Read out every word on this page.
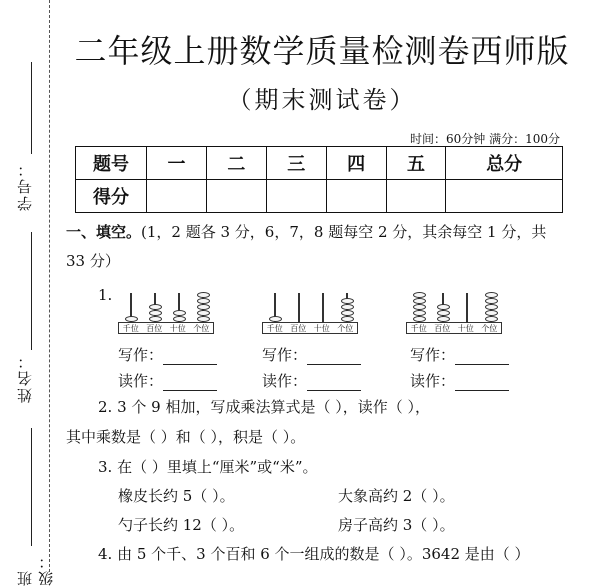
学号：
姓名：
班级：
二年级上册数学质量检测卷西师版
（期末测试卷）
时间：60分钟 满分：100分
题号	一	二	三	四	五	总分
得分						
一、填空。(1，2 题各 3 分，6，7，8 题每空 2 分，其余每空 1 分，共
33 分）
1.
千位 百位 十位 个位	千位 百位 十位 个位	千位 百位 十位 个位
写作：	写作：	写作：
读作：	读作：	读作：
2. 3 个 9 相加，写成乘法算式是（ ），读作（ ），
其中乘数是（ ）和（ ），积是（ ）。
3. 在（ ）里填上“厘米”或“米”。
橡皮长约 5（ ）。	大象高约 2（ ）。
勺子长约 12（ ）。	房子高约 3（ ）。
4. 由 5 个千、3 个百和 6 个一组成的数是（ ）。3642 是由（ ）
